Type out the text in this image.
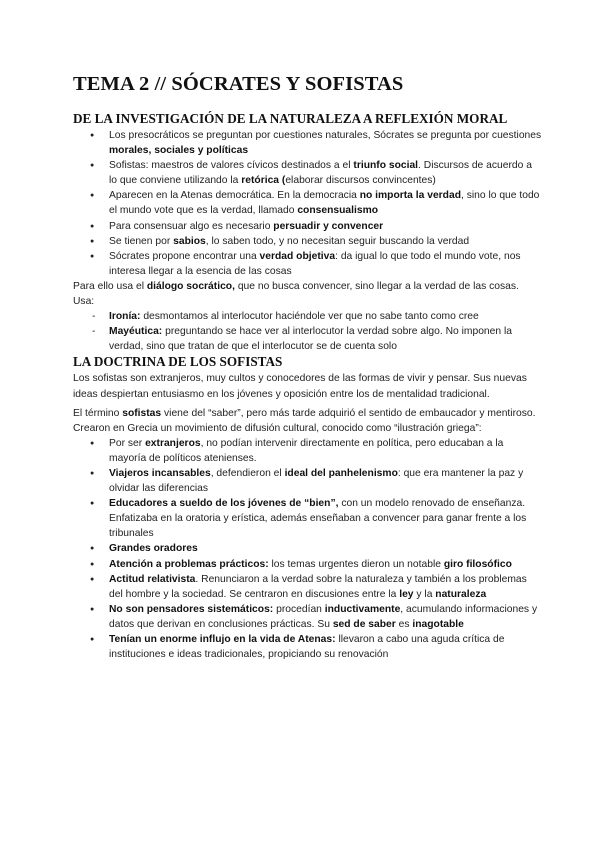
TEMA 2 // SÓCRATES Y SOFISTAS
DE LA INVESTIGACIÓN DE LA NATURALEZA A REFLEXIÓN MORAL
● Los presocráticos se preguntan por cuestiones naturales, Sócrates se pregunta por cuestiones morales, sociales y políticas
● Sofistas: maestros de valores cívicos destinados a el triunfo social. Discursos de acuerdo a lo que conviene utilizando la retórica (elaborar discursos convincentes)
● Aparecen en la Atenas democrática. En la democracia no importa la verdad, sino lo que todo el mundo vote que es la verdad, llamado consensualismo
● Para consensuar algo es necesario persuadir y convencer
● Se tienen por sabios, lo saben todo, y no necesitan seguir buscando la verdad
● Sócrates propone encontrar una verdad objetiva: da igual lo que todo el mundo vote, nos interesa llegar a la esencia de las cosas

Para ello usa el diálogo socrático, que no busca convencer, sino llegar a la verdad de las cosas. Usa:

- Ironía: desmontamos al interlocutor haciéndole ver que no sabe tanto como cree
- Mayéutica: preguntando se hace ver al interlocutor la verdad sobre algo. No imponen la verdad, sino que tratan de que el interlocutor se de cuenta solo
LA DOCTRINA DE LOS SOFISTAS

Los sofistas son extranjeros, muy cultos y conocedores de las formas de vivir y pensar. Sus nuevas ideas despiertan entusiasmo en los jóvenes y oposición entre los de mentalidad tradicional.

El término sofistas viene del “saber”, pero más tarde adquirió el sentido de embaucador y mentiroso. Crearon en Grecia un movimiento de difusión cultural, conocido como “ilustración griega”:

● Por ser extranjeros, no podían intervenir directamente en política, pero educaban a la mayoría de políticos atenienses.
● Viajeros incansables, defendieron el ideal del panhelenismo: que era mantener la paz y olvidar las diferencias
● Educadores a sueldo de los jóvenes de “bien”, con un modelo renovado de enseñanza. Enfatizaba en la oratoria y erística, además enseñaban a convencer para ganar frente a los tribunales
● Grandes oradores
● Atención a problemas prácticos: los temas urgentes dieron un notable giro filosófico
● Actitud relativista. Renunciaron a la verdad sobre la naturaleza y también a los problemas del hombre y la sociedad. Se centraron en discusiones entre la ley y la naturaleza
● No son pensadores sistemáticos: procedían inductivamente, acumulando informaciones y datos que derivan en conclusiones prácticas. Su sed de saber es inagotable
● Tenían un enorme influjo en la vida de Atenas: llevaron a cabo una aguda crítica de instituciones e ideas tradicionales, propiciando su renovación
